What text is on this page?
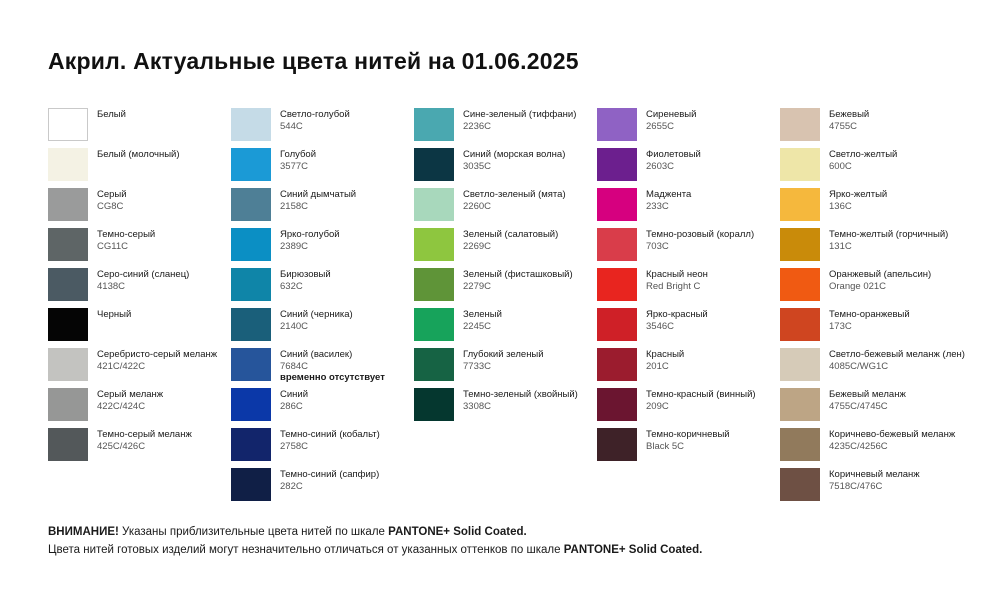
Акрил. Актуальные цвета нитей на 01.06.2025
Белый
Белый (молочный)
Серый
CG8C
Темно-серый
CG11C
Серо-синий (сланец)
4138C
Черный
Серебристо-серый меланж
421C/422C
Серый меланж
422C/424C
Темно-серый меланж
425C/426C
Светло-голубой
544C
Голубой
3577C
Синий дымчатый
2158C
Ярко-голубой
2389C
Бирюзовый
632C
Синий (черника)
2140C
Синий (василек)
7684C
временно отсутствует
Синий
286C
Темно-синий (кобальт)
2758C
Темно-синий (сапфир)
282C
Сине-зеленый (тиффани)
2236C
Синий (морская волна)
3035C
Светло-зеленый (мята)
2260C
Зеленый (салатовый)
2269C
Зеленый (фисташковый)
2279C
Зеленый
2245C
Глубокий зеленый
7733C
Темно-зеленый (хвойный)
3308C
Сиреневый
2655C
Фиолетовый
2603C
Маджента
233C
Темно-розовый (коралл)
703C
Красный неон
Red Bright C
Ярко-красный
3546C
Красный
201C
Темно-красный (винный)
209C
Темно-коричневый
Black 5C
Бежевый
4755C
Светло-желтый
600C
Ярко-желтый
136C
Темно-желтый (горчичный)
131C
Оранжевый (апельсин)
Orange 021C
Темно-оранжевый
173C
Светло-бежевый меланж (лен)
4085C/WG1C
Бежевый меланж
4755C/4745C
Коричнево-бежевый меланж
4235C/4256C
Коричневый меланж
7518C/476C
ВНИМАНИЕ! Указаны приблизительные цвета нитей по шкале PANTONE+ Solid Coated.
Цвета нитей готовых изделий могут незначительно отличаться от указанных оттенков по шкале PANTONE+ Solid Coated.
